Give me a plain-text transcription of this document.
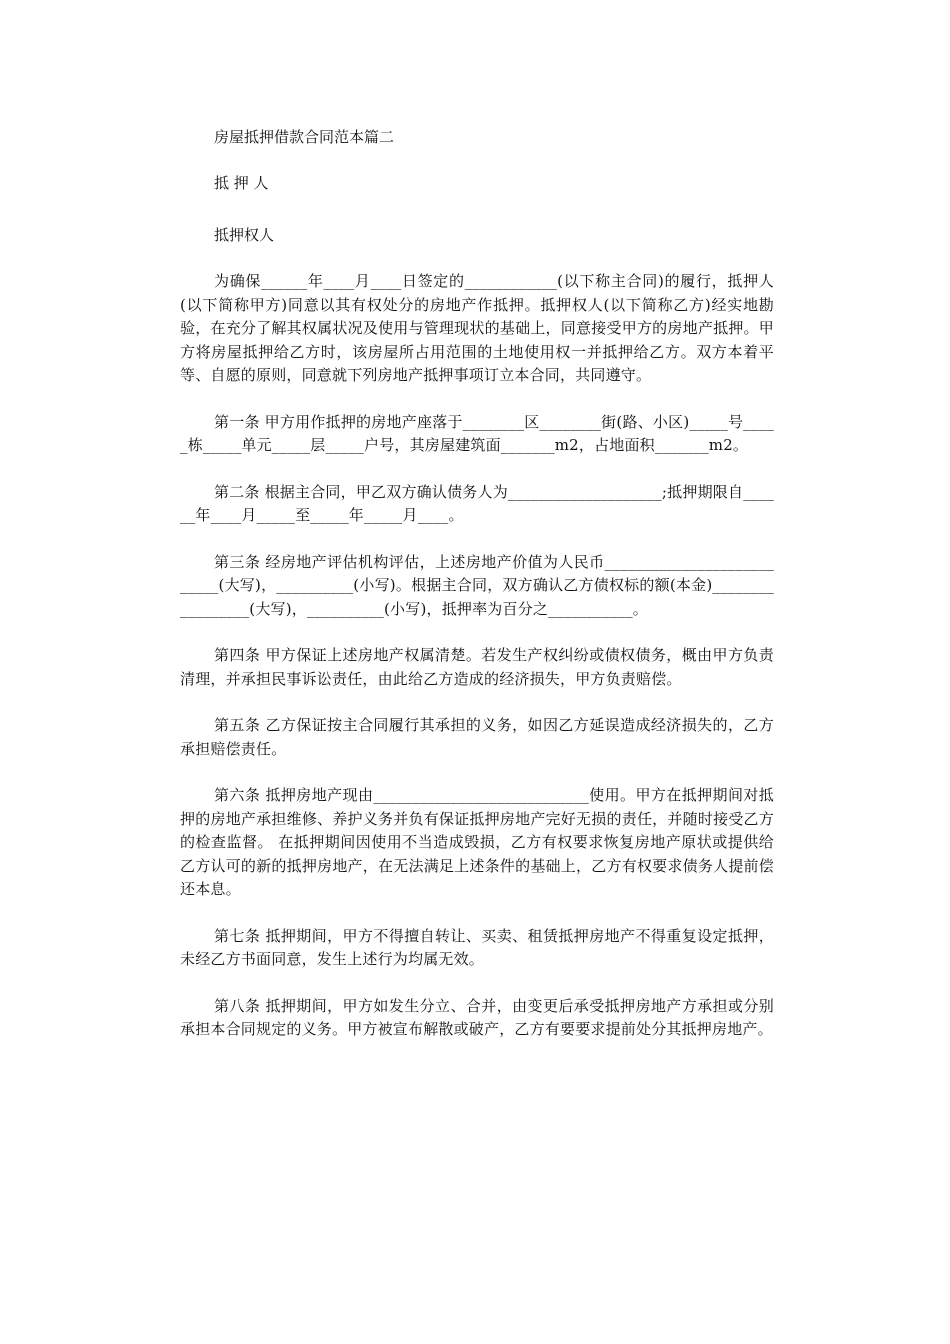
房屋抵押借款合同范本篇二

抵 押 人

抵押权人

为确保______年____月____日签定的____________(以下称主合同)的履行，抵押人(以下简称甲方)同意以其有权处分的房地产作抵押。抵押权人(以下简称乙方)经实地勘验，在充分了解其权属状况及使用与管理现状的基础上，同意接受甲方的房地产抵押。甲方将房屋抵押给乙方时，该房屋所占用范围的土地使用权一并抵押给乙方。双方本着平等、自愿的原则，同意就下列房地产抵押事项订立本合同，共同遵守。

第一条 甲方用作抵押的房地产座落于________区________街(路、小区)_____号_____栋_____单元_____层_____户号，其房屋建筑面_______m2，占地面积_______m2。

第二条 根据主合同，甲乙双方确认债务人为____________________;抵押期限自______年____月_____至_____年_____月____。

第三条 经房地产评估机构评估，上述房地产价值为人民币___________________________(大写)，__________(小写)。根据主合同，双方确认乙方债权标的额(本金)_________________(大写)，__________(小写)，抵押率为百分之___________。

第四条 甲方保证上述房地产权属清楚。若发生产权纠纷或债权债务，概由甲方负责清理，并承担民事诉讼责任，由此给乙方造成的经济损失，甲方负责赔偿。

第五条 乙方保证按主合同履行其承担的义务，如因乙方延误造成经济损失的，乙方承担赔偿责任。

第六条 抵押房地产现由____________________________使用。甲方在抵押期间对抵押的房地产承担维修、养护义务并负有保证抵押房地产完好无损的责任，并随时接受乙方的检查监督。 在抵押期间因使用不当造成毁损，乙方有权要求恢复房地产原状或提供给乙方认可的新的抵押房地产，在无法满足上述条件的基础上，乙方有权要求债务人提前偿还本息。

第七条 抵押期间，甲方不得擅自转让、买卖、租赁抵押房地产不得重复设定抵押，未经乙方书面同意，发生上述行为均属无效。

第八条 抵押期间，甲方如发生分立、合并，由变更后承受抵押房地产方承担或分别承担本合同规定的义务。甲方被宣布解散或破产，乙方有要要求提前处分其抵押房地产。
